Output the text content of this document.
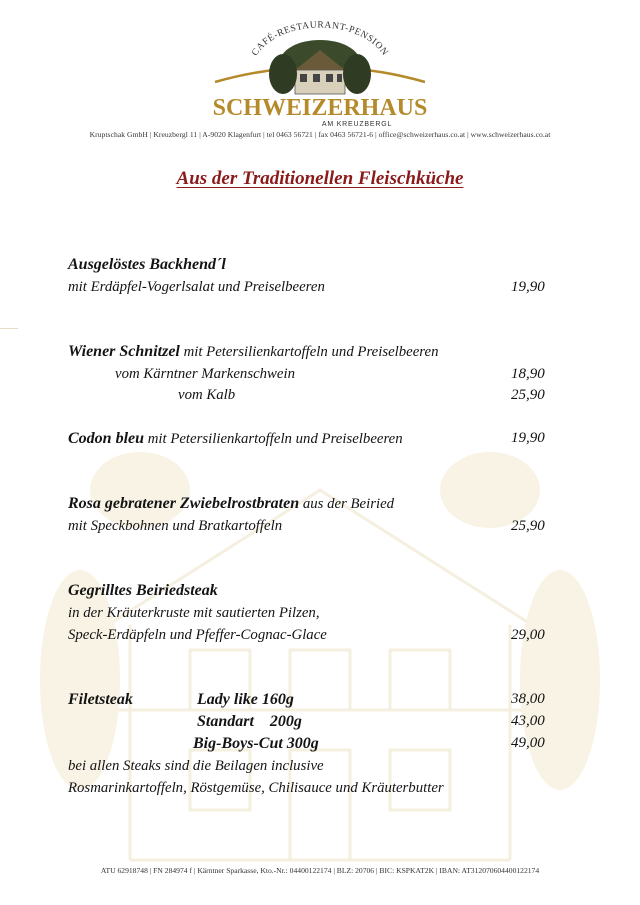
CAFÉ-RESTAURANT-PENSION
SCHWEIZERHAUS
AM KREUZBERGL
Kruptschak GmbH | Kreuzbergl 11 | A-9020 Klagenfurt | tel 0463 56721 | fax 0463 56721-6 | office@schweizerhaus.co.at | www.schweizerhaus.co.at
Aus der Traditionellen Fleischküche
Ausgelöstes Backhend´l
mit Erdäpfel-Vogerlsalat und Preiselbeeren	19,90
Wiener Schnitzel mit Petersilienkartoffeln und Preiselbeeren
vom Kärntner Markenschwein	18,90
vom Kalb	25,90
Codon bleu mit Petersilienkartoffeln und Preiselbeeren	19,90
Rosa gebratener Zwiebelrostbraten aus der Beiried
mit Speckbohnen und Bratkartoffeln	25,90
Gegrilltes Beiriedsteak
in der Kräuterkruste mit sautierten Pilzen,
Speck-Erdäpfeln und Pfeffer-Cognac-Glace	29,00
Filetsteak	Lady like 160g	38,00
Standart    200g	43,00
Big-Boys-Cut 300g	49,00
bei allen Steaks sind die Beilagen inclusive
Rosmarinkartoffeln, Röstgemüse, Chilisauce und Kräuterbutter
ATU 62918748 | FN 284974 f | Kärntner Sparkasse, Kto.-Nr.: 04400122174 | BLZ: 20706 | BIC: KSPKAT2K | IBAN: AT312070604400122174
